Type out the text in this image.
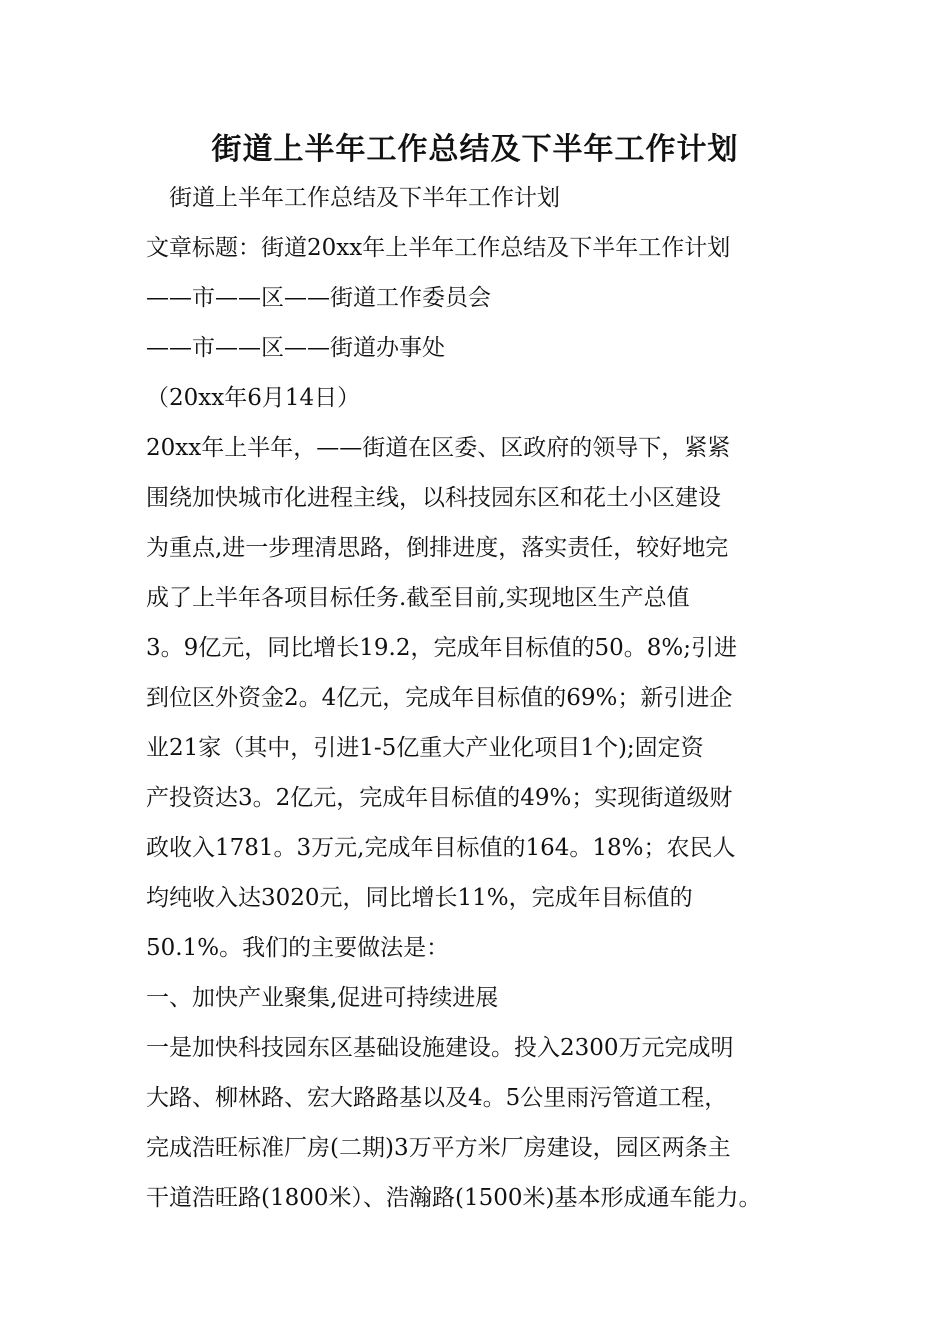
街道上半年工作总结及下半年工作计划
　街道上半年工作总结及下半年工作计划
文章标题：街道20xx年上半年工作总结及下半年工作计划
——市——区——街道工作委员会
——市——区——街道办事处
（20xx年6月14日）
20xx年上半年，——街道在区委、区政府的领导下，紧紧
围绕加快城市化进程主线，以科技园东区和花土小区建设
为重点,进一步理清思路，倒排进度，落实责任，较好地完
成了上半年各项目标任务.截至目前,实现地区生产总值
3。9亿元，同比增长19.2，完成年目标值的50。8%;引进
到位区外资金2。4亿元，完成年目标值的69%；新引进企
业21家（其中，引进1-5亿重大产业化项目1个);固定资
产投资达3。2亿元，完成年目标值的49%；实现街道级财
政收入1781。3万元,完成年目标值的164。18%；农民人
均纯收入达3020元，同比增长11%，完成年目标值的
50.1%。我们的主要做法是：
一、加快产业聚集,促进可持续进展
一是加快科技园东区基础设施建设。投入2300万元完成明
大路、柳林路、宏大路路基以及4。5公里雨污管道工程，
完成浩旺标准厂房(二期)3万平方米厂房建设，园区两条主
干道浩旺路(1800米）、浩瀚路(1500米)基本形成通车能力。
